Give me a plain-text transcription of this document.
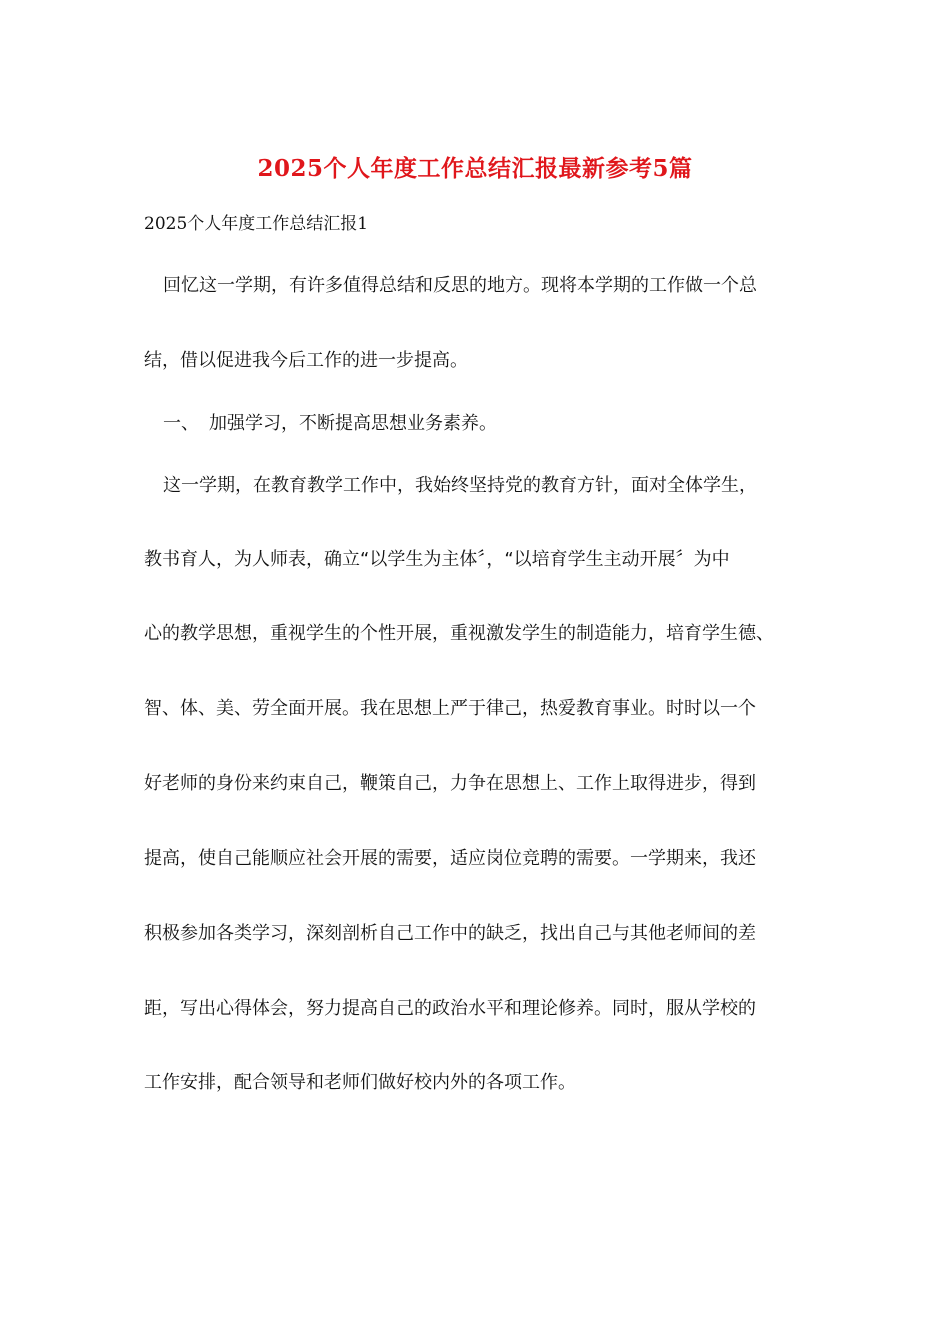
2025个人年度工作总结汇报最新参考5篇
2025个人年度工作总结汇报1
回忆这一学期，有许多值得总结和反思的地方。现将本学期的工作做一个总
结，借以促进我今后工作的进一步提高。
一、 加强学习，不断提高思想业务素养。
这一学期，在教育教学工作中，我始终坚持党的教育方针，面对全体学生，
教书育人，为人师表，确立“以学生为主体〞，“以培育学生主动开展〞为中
心的教学思想，重视学生的个性开展，重视激发学生的制造能力，培育学生德、
智、体、美、劳全面开展。我在思想上严于律己，热爱教育事业。时时以一个
好老师的身份来约束自己，鞭策自己，力争在思想上、工作上取得进步，得到
提高，使自己能顺应社会开展的需要，适应岗位竞聘的需要。一学期来，我还
积极参加各类学习，深刻剖析自己工作中的缺乏，找出自己与其他老师间的差
距，写出心得体会，努力提高自己的政治水平和理论修养。同时，服从学校的
工作安排，配合领导和老师们做好校内外的各项工作。
